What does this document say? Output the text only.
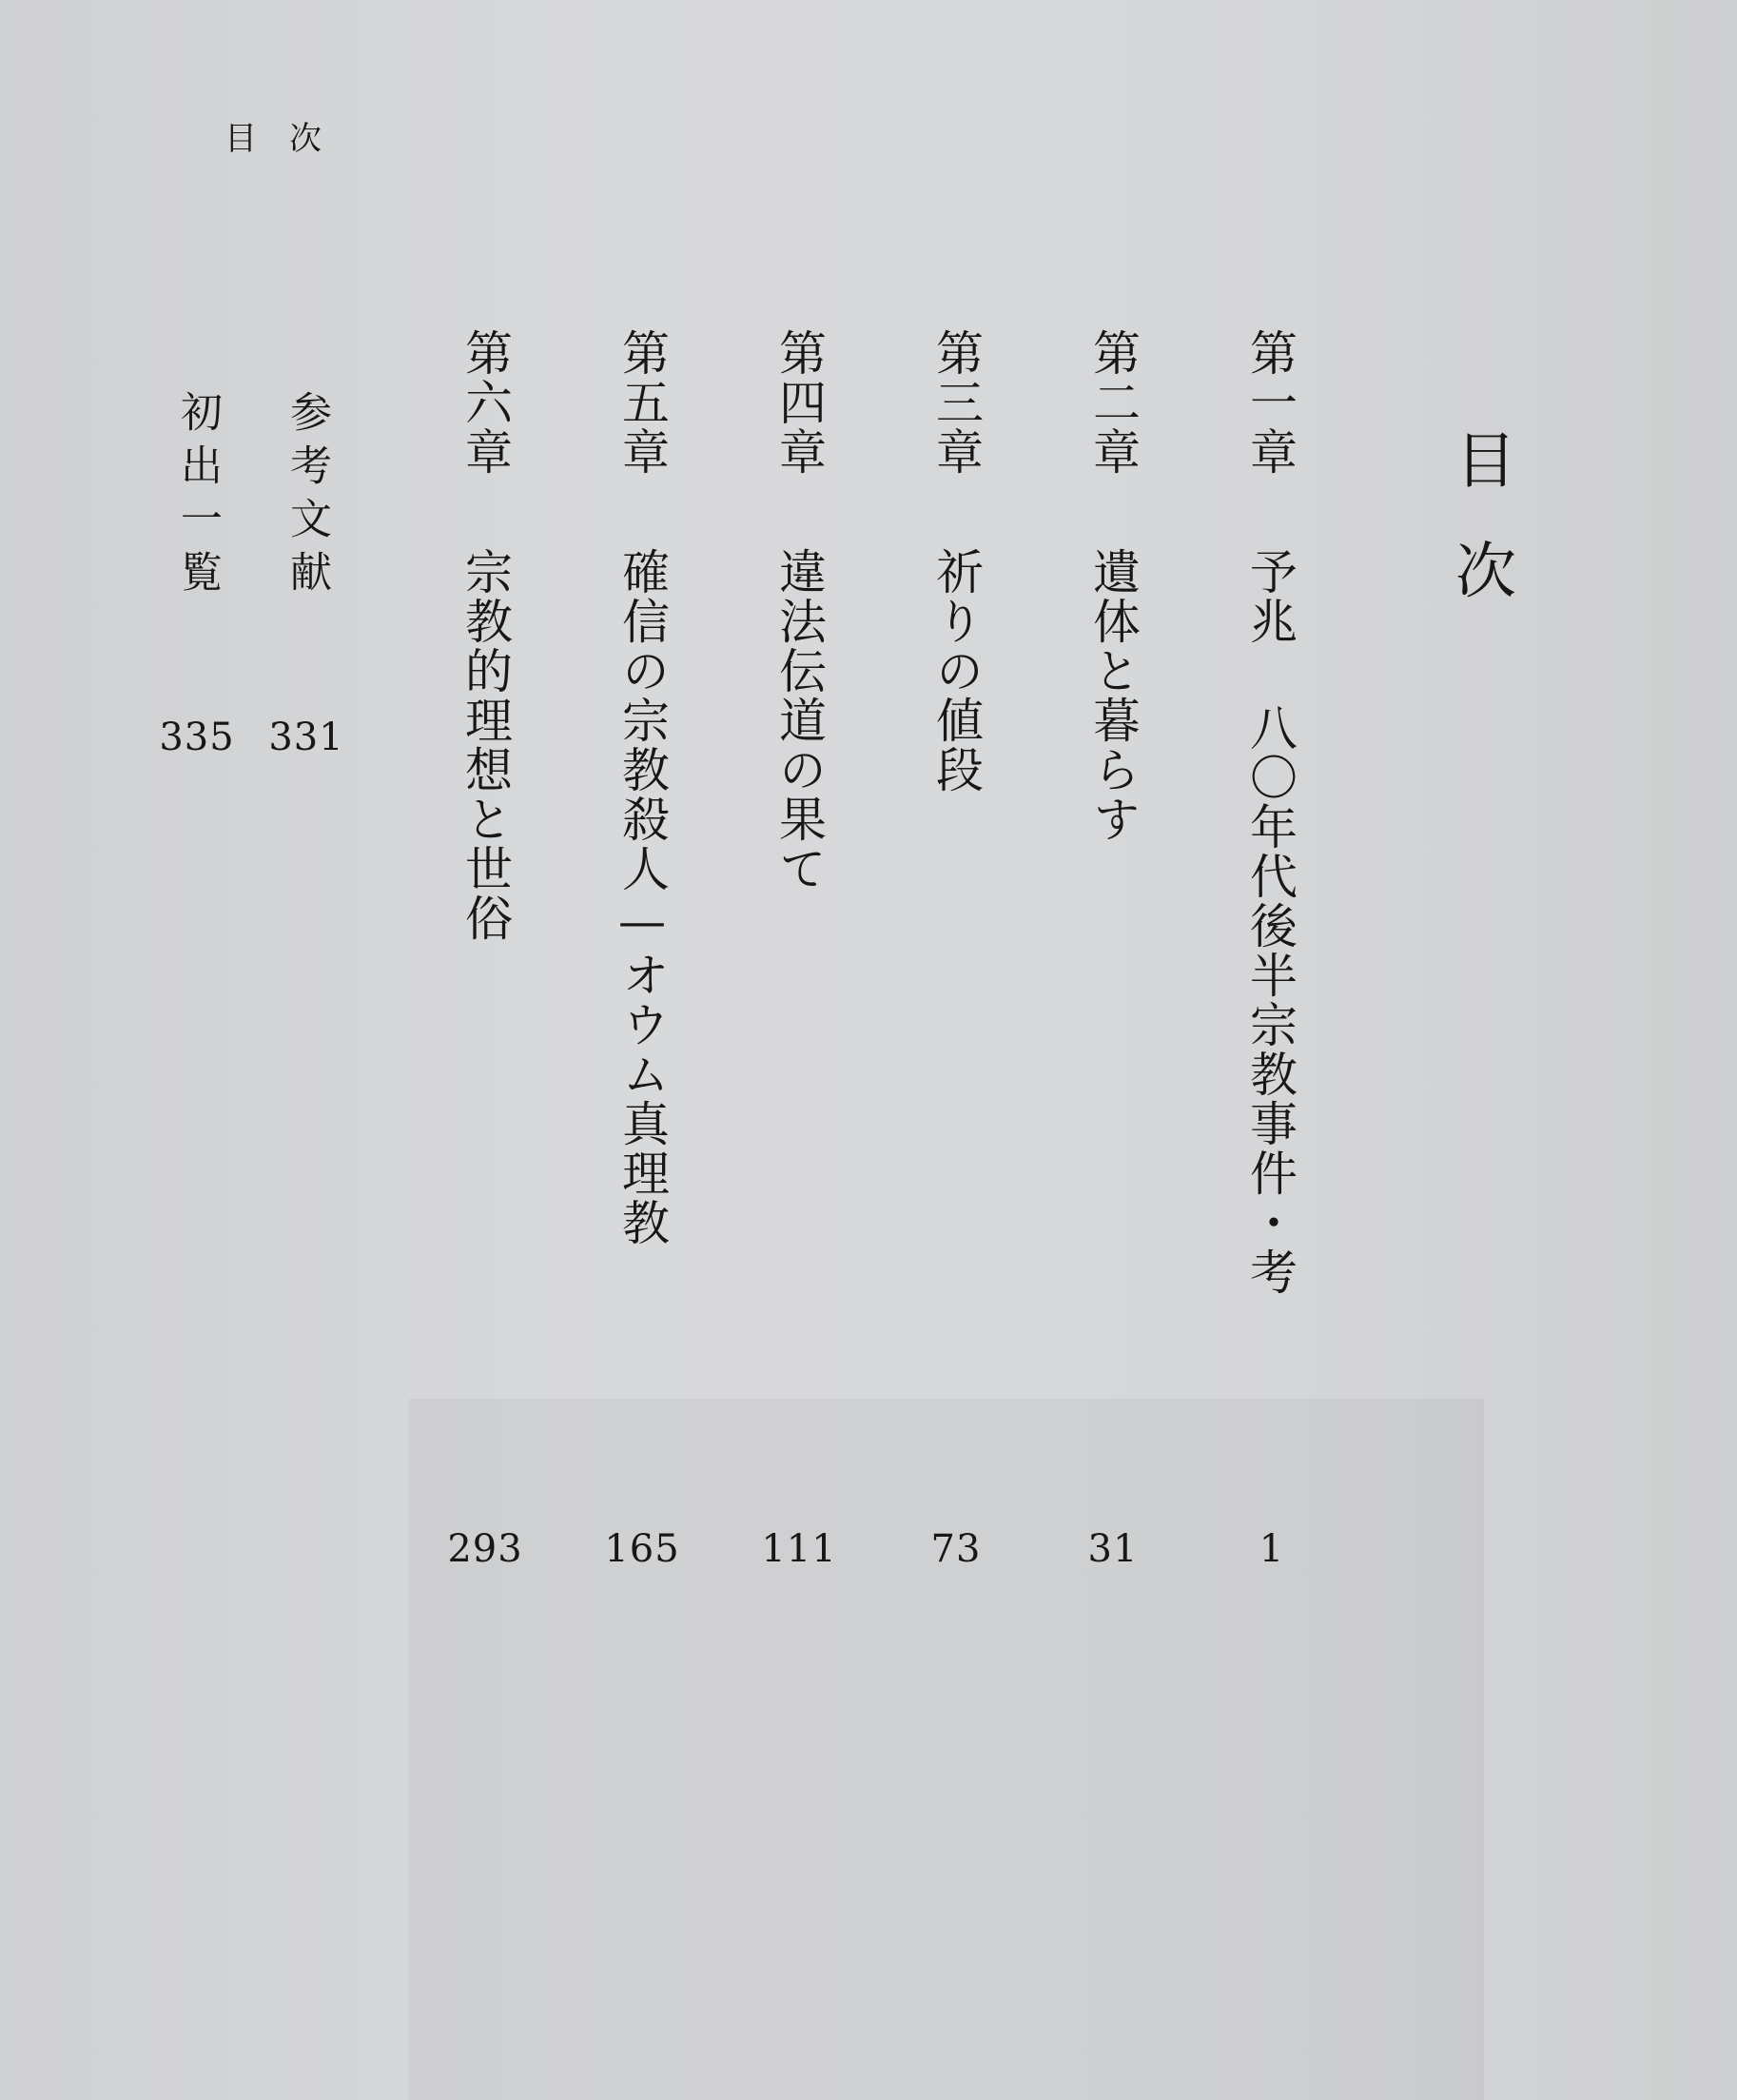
目次
目次
第一章
予兆 八〇年代後半宗教事件・考
1
第二章
遺体と暮らす
31
第三章
祈りの値段
73
第四章
違法伝道の果て
111
第五章
確信の宗教殺人—オウム真理教
165
第六章
宗教的理想と世俗
293
参考文献
331
初出一覧
335
